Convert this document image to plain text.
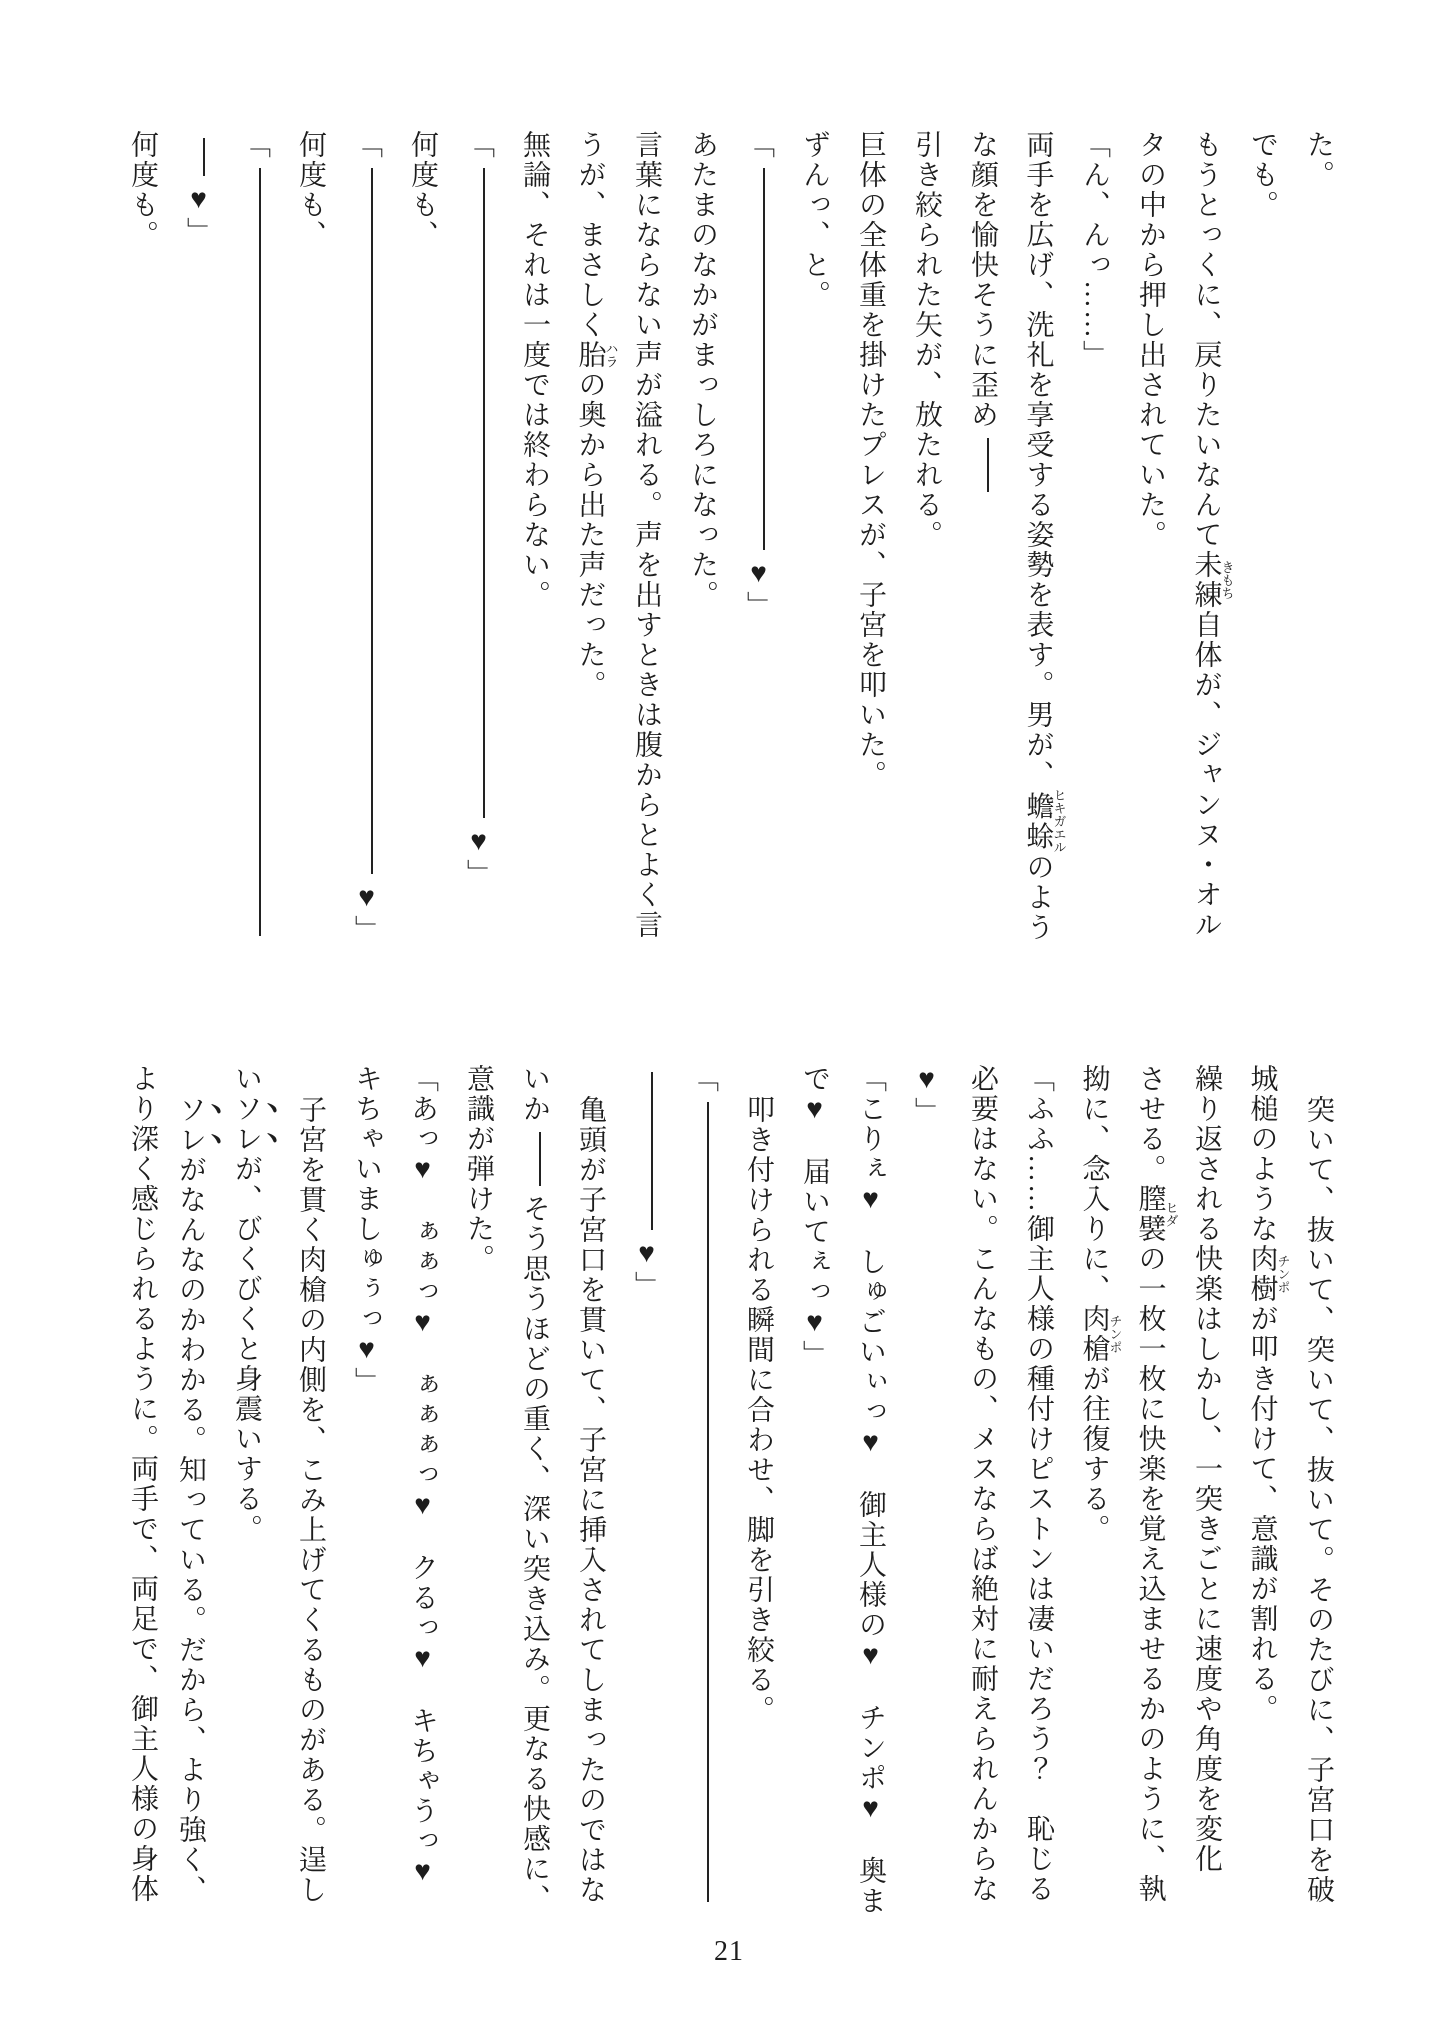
た。
でも。
もうとっくに、戻りたいなんて未練きもち自体が、ジャンヌ・オル
タの中から押し出されていた。
「ん、んっ……」
両手を広げ、洗礼を享受する姿勢を表す。男が、蟾蜍ヒキガエルのよう
な顔を愉快そうに歪め
引き絞られた矢が、放たれる。
巨体の全体重を掛けたプレスが、子宮を叩いた。
ずんっ、と。
「♥」
あたまのなかがまっしろになった。
言葉にならない声が溢れる。声を出すときは腹からとよく言
うが、まさしく胎ハラの奥から出た声だった。
無論、それは一度では終わらない。
「♥」
何度も、
「♥」
何度も、
「
♥」
何度も。
突いて、抜いて、突いて、抜いて。そのたびに、子宮口を破
城槌のような肉樹チンポが叩き付けて、意識が割れる。
繰り返される快楽はしかし、一突きごとに速度や角度を変化
させる。膣襞ヒダの一枚一枚に快楽を覚え込ませるかのように、執
拗に、念入りに、肉槍チンポが往復する。
「ふふ……御主人様の種付けピストンは凄いだろう？　恥じる
必要はない。こんなもの、メスならば絶対に耐えられんからな
♥」
「こりぇ♥　しゅごいぃっ♥　御主人様の♥　チンポ♥　奥ま
で♥　届いてぇっ♥」
叩き付けられる瞬間に合わせ、脚を引き絞る。
「
♥」
亀頭が子宮口を貫いて、子宮に挿入されてしまったのではな
いかそう思うほどの重く、深い突き込み。更なる快感に、
意識が弾けた。
「あっ♥　ぁぁっ♥　ぁぁぁっ♥　クるっ♥　キちゃうっ♥
キちゃいましゅぅっ♥」
子宮を貫く肉槍の内側を、こみ上げてくるものがある。逞し
いソレが、びくびくと身震いする。
ソレがなんなのかわかる。知っている。だから、より強く、
より深く感じられるように。両手で、両足で、御主人様の身体
21
